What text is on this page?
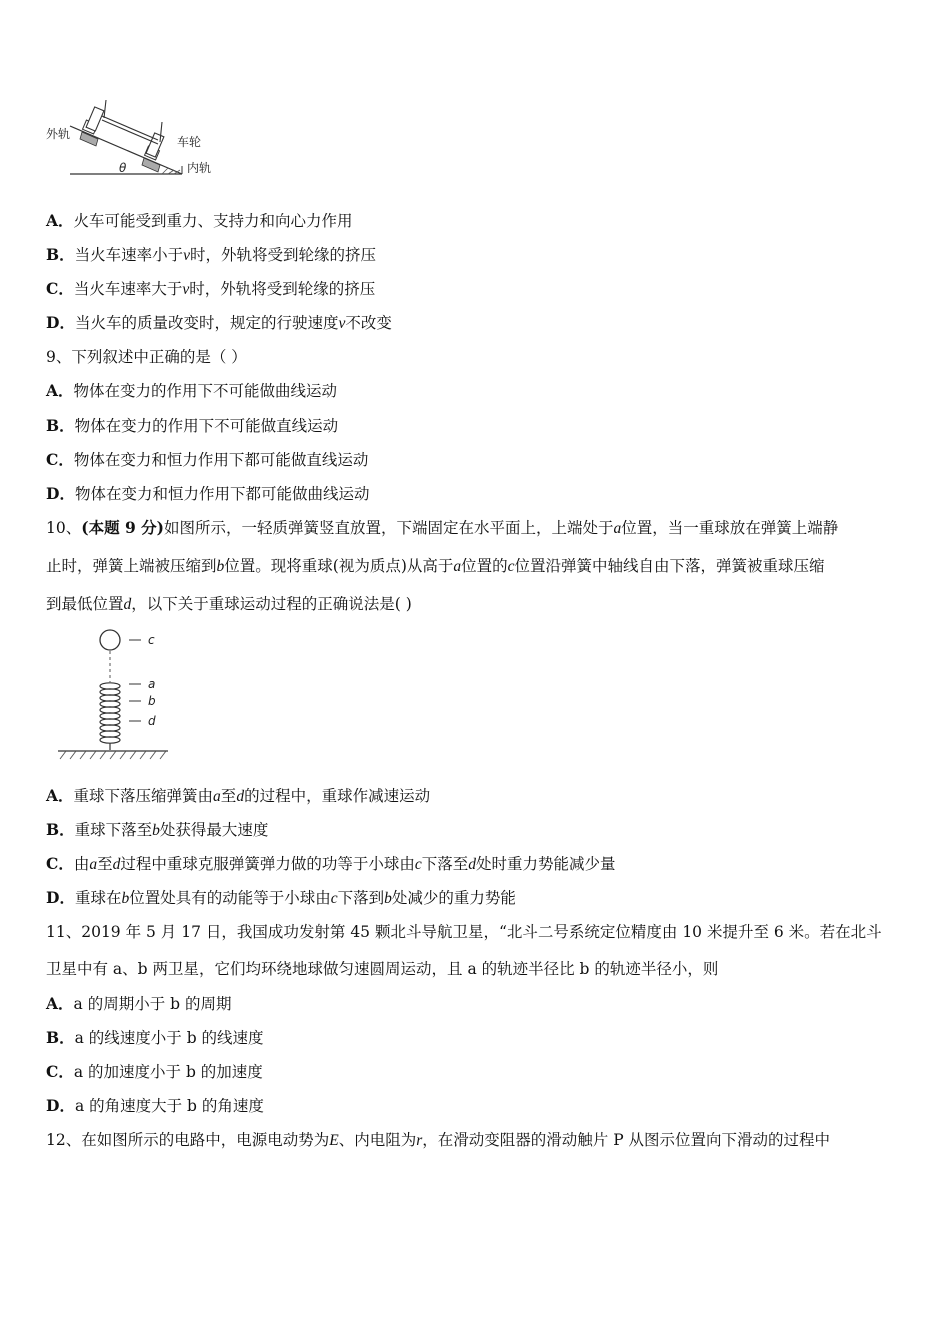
外轨
车轮
内轨
θ
A．火车可能受到重力、支持力和向心力作用
B．当火车速率小于v时，外轨将受到轮缘的挤压
C．当火车速率大于v时，外轨将受到轮缘的挤压
D．当火车的质量改变时，规定的行驶速度v不改变
9、下列叙述中正确的是（ ）
A．物体在变力的作用下不可能做曲线运动
B．物体在变力的作用下不可能做直线运动
C．物体在变力和恒力作用下都可能做直线运动
D．物体在变力和恒力作用下都可能做曲线运动
10、(本题 9 分)如图所示，一轻质弹簧竖直放置，下端固定在水平面上，上端处于a位置，当一重球放在弹簧上端静
止时，弹簧上端被压缩到b位置。现将重球(视为质点)从高于a位置的c位置沿弹簧中轴线自由下落，弹簧被重球压缩
到最低位置d，以下关于重球运动过程的正确说法是( )
c
a
b
d
A．重球下落压缩弹簧由a至d的过程中，重球作减速运动
B．重球下落至b处获得最大速度
C．由a至d过程中重球克服弹簧弹力做的功等于小球由c下落至d处时重力势能减少量
D．重球在b位置处具有的动能等于小球由c下落到b处减少的重力势能
11、2019 年 5 月 17 日，我国成功发射第 45 颗北斗导航卫星，“北斗二号系统定位精度由 10 米提升至 6 米。若在北斗
卫星中有 a、b 两卫星，它们均环绕地球做匀速圆周运动，且 a 的轨迹半径比 b 的轨迹半径小，则
A．a 的周期小于 b 的周期
B．a 的线速度小于 b 的线速度
C．a 的加速度小于 b 的加速度
D．a 的角速度大于 b 的角速度
12、在如图所示的电路中，电源电动势为E、内电阻为r，在滑动变阻器的滑动触片 P 从图示位置向下滑动的过程中
